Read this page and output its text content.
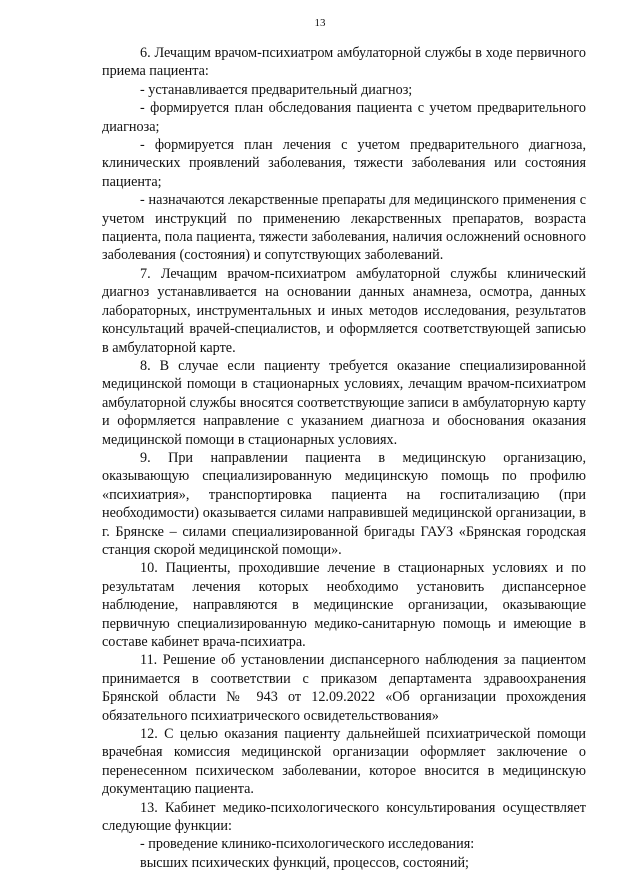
13

6. Лечащим врачом-психиатром амбулаторной службы в ходе первичного приема пациента:

- устанавливается предварительный диагноз;

- формируется план обследования пациента с учетом предварительного диагноза;

- формируется план лечения с учетом предварительного диагноза, клинических проявлений заболевания, тяжести заболевания или состояния пациента;

- назначаются лекарственные препараты для медицинского применения с учетом инструкций по применению лекарственных препаратов, возраста пациента, пола пациента, тяжести заболевания, наличия осложнений основного заболевания (состояния) и сопутствующих заболеваний.

7. Лечащим врачом-психиатром амбулаторной службы клинический диагноз устанавливается на основании данных анамнеза, осмотра, данных лабораторных, инструментальных и иных методов исследования, результатов консультаций врачей-специалистов, и оформляется соответствующей записью в амбулаторной карте.

8. В случае если пациенту требуется оказание специализированной медицинской помощи в стационарных условиях, лечащим врачом-психиатром амбулаторной службы вносятся соответствующие записи в амбулаторную карту и оформляется направление с указанием диагноза и обоснования оказания медицинской помощи в стационарных условиях.

9. При направлении пациента в медицинскую организацию, оказывающую специализированную медицинскую помощь по профилю «психиатрия», транспортировка пациента на госпитализацию (при необходимости) оказывается силами направившей медицинской организации, в г. Брянске – силами специализированной бригады ГАУЗ «Брянская городская станция скорой медицинской помощи».

10. Пациенты, проходившие лечение в стационарных условиях и по результатам лечения которых необходимо установить диспансерное наблюдение, направляются в медицинские организации, оказывающие первичную специализированную медико-санитарную помощь и имеющие в составе кабинет врача-психиатра.

11. Решение об установлении диспансерного наблюдения за пациентом принимается в соответствии с приказом департамента здравоохранения Брянской области № 943 от 12.09.2022 «Об организации прохождения обязательного психиатрического освидетельствования»

12. С целью оказания пациенту дальнейшей психиатрической помощи врачебная комиссия медицинской организации оформляет заключение о перенесенном психическом заболевании, которое вносится в медицинскую документацию пациента.

13. Кабинет медико-психологического консультирования осуществляет следующие функции:

- проведение клинико-психологического исследования:

высших психических функций, процессов, состояний;
